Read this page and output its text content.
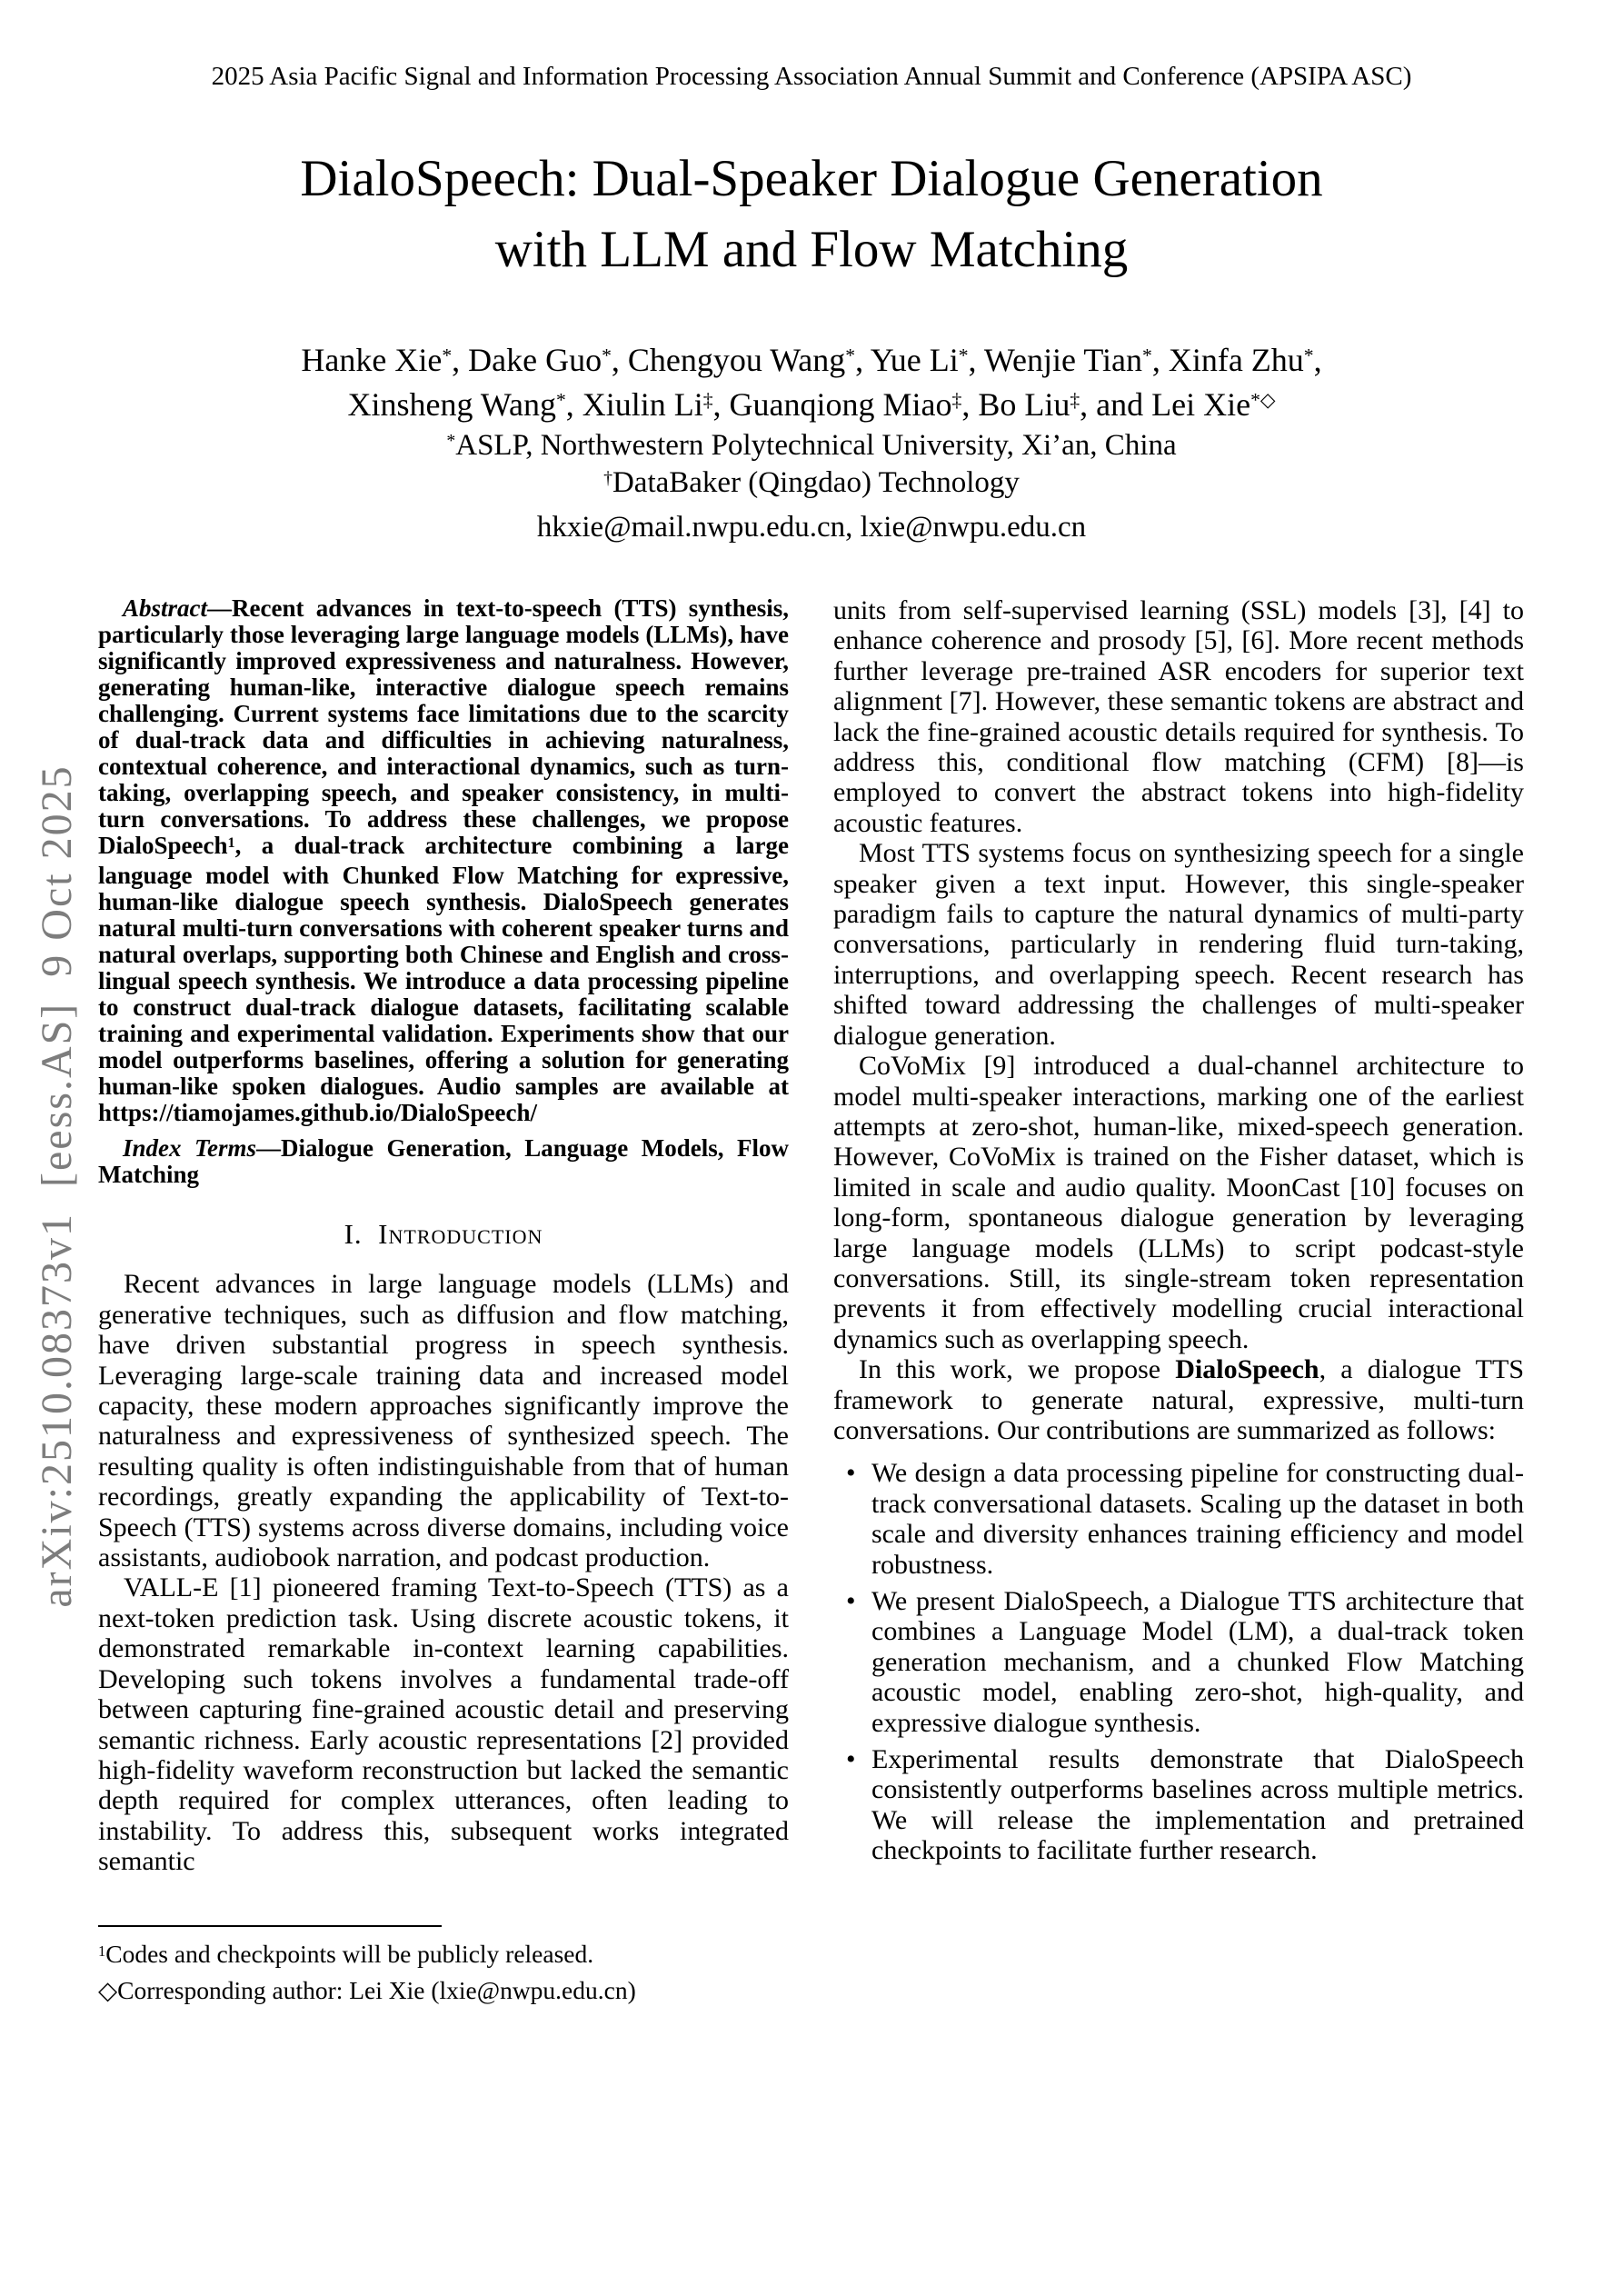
arXiv:2510.08373v1  [eess.AS]  9 Oct 2025
2025 Asia Pacific Signal and Information Processing Association Annual Summit and Conference (APSIPA ASC)
DialoSpeech: Dual-Speaker Dialogue Generation
with LLM and Flow Matching
Hanke Xie*, Dake Guo*, Chengyou Wang*, Yue Li*, Wenjie Tian*, Xinfa Zhu*,
Xinsheng Wang*, Xiulin Li‡, Guanqiong Miao‡, Bo Liu‡, and Lei Xie*◇
*ASLP, Northwestern Polytechnical University, Xi’an, China
†DataBaker (Qingdao) Technology
hkxie@mail.nwpu.edu.cn, lxie@nwpu.edu.cn

Abstract—Recent advances in text-to-speech (TTS) synthesis, particularly those leveraging large language models (LLMs), have significantly improved expressiveness and naturalness. However, generating human-like, interactive dialogue speech remains challenging. Current systems face limitations due to the scarcity of dual-track data and difficulties in achieving naturalness, contextual coherence, and interactional dynamics, such as turn-taking, overlapping speech, and speaker consistency, in multi-turn conversations. To address these challenges, we propose DialoSpeech$^1$, a dual-track architecture combining a large language model with Chunked Flow Matching for expressive, human-like dialogue speech synthesis. DialoSpeech generates natural multi-turn conversations with coherent speaker turns and natural overlaps, supporting both Chinese and English and cross-lingual speech synthesis. We introduce a data processing pipeline to construct dual-track dialogue datasets, facilitating scalable training and experimental validation. Experiments show that our model outperforms baselines, offering a solution for generating human-like spoken dialogues. Audio samples are available at https://tiamojames.github.io/DialoSpeech/

Index Terms—Dialogue Generation, Language Models, Flow Matching

I.  Introduction

Recent advances in large language models (LLMs) and generative techniques, such as diffusion and flow matching, have driven substantial progress in speech synthesis. Leveraging large-scale training data and increased model capacity, these modern approaches significantly improve the naturalness and expressiveness of synthesized speech. The resulting quality is often indistinguishable from that of human recordings, greatly expanding the applicability of Text-to-Speech (TTS) systems across diverse domains, including voice assistants, audiobook narration, and podcast production.

VALL-E [1] pioneered framing Text-to-Speech (TTS) as a next-token prediction task. Using discrete acoustic tokens, it demonstrated remarkable in-context learning capabilities. Developing such tokens involves a fundamental trade-off between capturing fine-grained acoustic detail and preserving semantic richness. Early acoustic representations [2] provided high-fidelity waveform reconstruction but lacked the semantic depth required for complex utterances, often leading to instability. To address this, subsequent works integrated semantic

units from self-supervised learning (SSL) models [3], [4] to enhance coherence and prosody [5], [6]. More recent methods further leverage pre-trained ASR encoders for superior text alignment [7]. However, these semantic tokens are abstract and lack the fine-grained acoustic details required for synthesis. To address this, conditional flow matching (CFM) [8]—is employed to convert the abstract tokens into high-fidelity acoustic features.

Most TTS systems focus on synthesizing speech for a single speaker given a text input. However, this single-speaker paradigm fails to capture the natural dynamics of multi-party conversations, particularly in rendering fluid turn-taking, interruptions, and overlapping speech. Recent research has shifted toward addressing the challenges of multi-speaker dialogue generation.

CoVoMix [9] introduced a dual-channel architecture to model multi-speaker interactions, marking one of the earliest attempts at zero-shot, human-like, mixed-speech generation. However, CoVoMix is trained on the Fisher dataset, which is limited in scale and audio quality. MoonCast [10] focuses on long-form, spontaneous dialogue generation by leveraging large language models (LLMs) to script podcast-style conversations. Still, its single-stream token representation prevents it from effectively modelling crucial interactional dynamics such as overlapping speech.

In this work, we propose DialoSpeech, a dialogue TTS framework to generate natural, expressive, multi-turn conversations. Our contributions are summarized as follows:

• We design a data processing pipeline for constructing dual-track conversational datasets. Scaling up the dataset in both scale and diversity enhances training efficiency and model robustness.
• We present DialoSpeech, a Dialogue TTS architecture that combines a Language Model (LM), a dual-track token generation mechanism, and a chunked Flow Matching acoustic model, enabling zero-shot, high-quality, and expressive dialogue synthesis.
• Experimental results demonstrate that DialoSpeech consistently outperforms baselines across multiple metrics. We will release the implementation and pretrained checkpoints to facilitate further research.

$^1$Codes and checkpoints will be publicly released.

◇Corresponding author: Lei Xie (lxie@nwpu.edu.cn)
